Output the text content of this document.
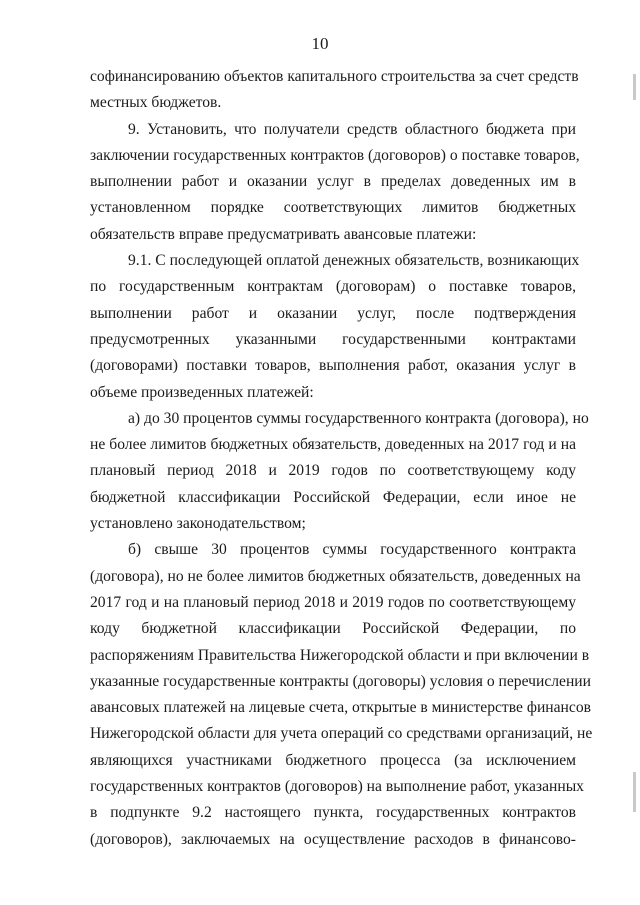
10
софинансированию объектов капитального строительства за счет средств
местных бюджетов.
9. Установить, что получатели средств областного бюджета при
заключении государственных контрактов (договоров) о поставке товаров,
выполнении работ и оказании услуг в пределах доведенных им в
установленном порядке соответствующих лимитов бюджетных
обязательств вправе предусматривать авансовые платежи:
9.1. С последующей оплатой денежных обязательств, возникающих
по государственным контрактам (договорам) о поставке товаров,
выполнении работ и оказании услуг, после подтверждения
предусмотренных указанными государственными контрактами
(договорами) поставки товаров, выполнения работ, оказания услуг в
объеме произведенных платежей:
а) до 30 процентов суммы государственного контракта (договора), но
не более лимитов бюджетных обязательств, доведенных на 2017 год и на
плановый период 2018 и 2019 годов по соответствующему коду
бюджетной классификации Российской Федерации, если иное не
установлено законодательством;
б) свыше 30 процентов суммы государственного контракта
(договора), но не более лимитов бюджетных обязательств, доведенных на
2017 год и на плановый период 2018 и 2019 годов по соответствующему
коду бюджетной классификации Российской Федерации, по
распоряжениям Правительства Нижегородской области и при включении в
указанные государственные контракты (договоры) условия о перечислении
авансовых платежей на лицевые счета, открытые в министерстве финансов
Нижегородской области для учета операций со средствами организаций, не
являющихся участниками бюджетного процесса (за исключением
государственных контрактов (договоров) на выполнение работ, указанных
в подпункте 9.2 настоящего пункта, государственных контрактов
(договоров), заключаемых на осуществление расходов в финансово-
